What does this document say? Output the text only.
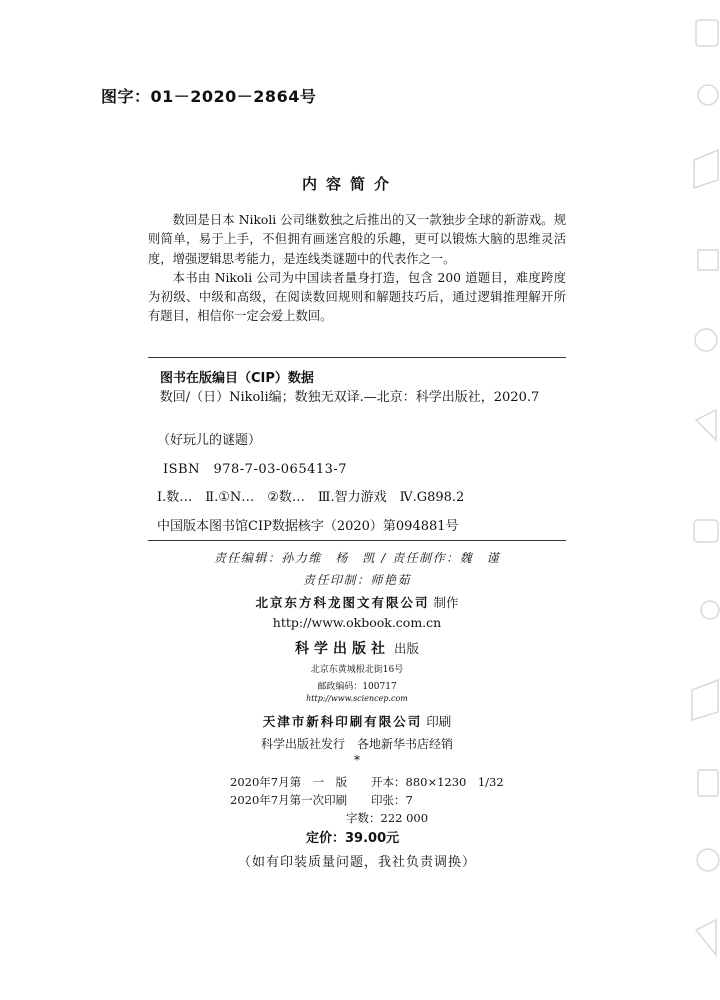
图字：01－2020－2864号
内容简介

数回是日本 Nikoli 公司继数独之后推出的又一款独步全球的新游戏。规则简单，易于上手，不但拥有画迷宫般的乐趣，更可以锻炼大脑的思维灵活度，增强逻辑思考能力，是连线类谜题中的代表作之一。

本书由 Nikoli 公司为中国读者量身打造，包含 200 道题目，难度跨度为初级、中级和高级，在阅读数回规则和解题技巧后，通过逻辑推理解开所有题目，相信你一定会爱上数回。

图书在版编目（CIP）数据
数回/（日）Nikoli编；数独无双译.—北京：科学出版社，2020.7
（好玩儿的谜题）
ISBN　978-7-03-065413-7
Ⅰ.数…　Ⅱ.①N…　②数…　Ⅲ.智力游戏　Ⅳ.G898.2
中国版本图书馆CIP数据核字（2020）第094881号
责任编辑：孙力维　杨　凯 / 责任制作：魏　谨
责任印制：师艳茹
北京东方科龙图文有限公司 制作
http://www.okbook.com.cn
科学出版社 出版
北京东黄城根北街16号
邮政编码：100717
http://www.sciencep.com
天津市新科印刷有限公司 印刷
科学出版社发行　各地新华书店经销
*
2020年7月第　一　版 开本：880×1230　1/32
2020年7月第一次印刷 印张：7
字数：222 000
定价：39.00元
（如有印装质量问题，我社负责调换）
